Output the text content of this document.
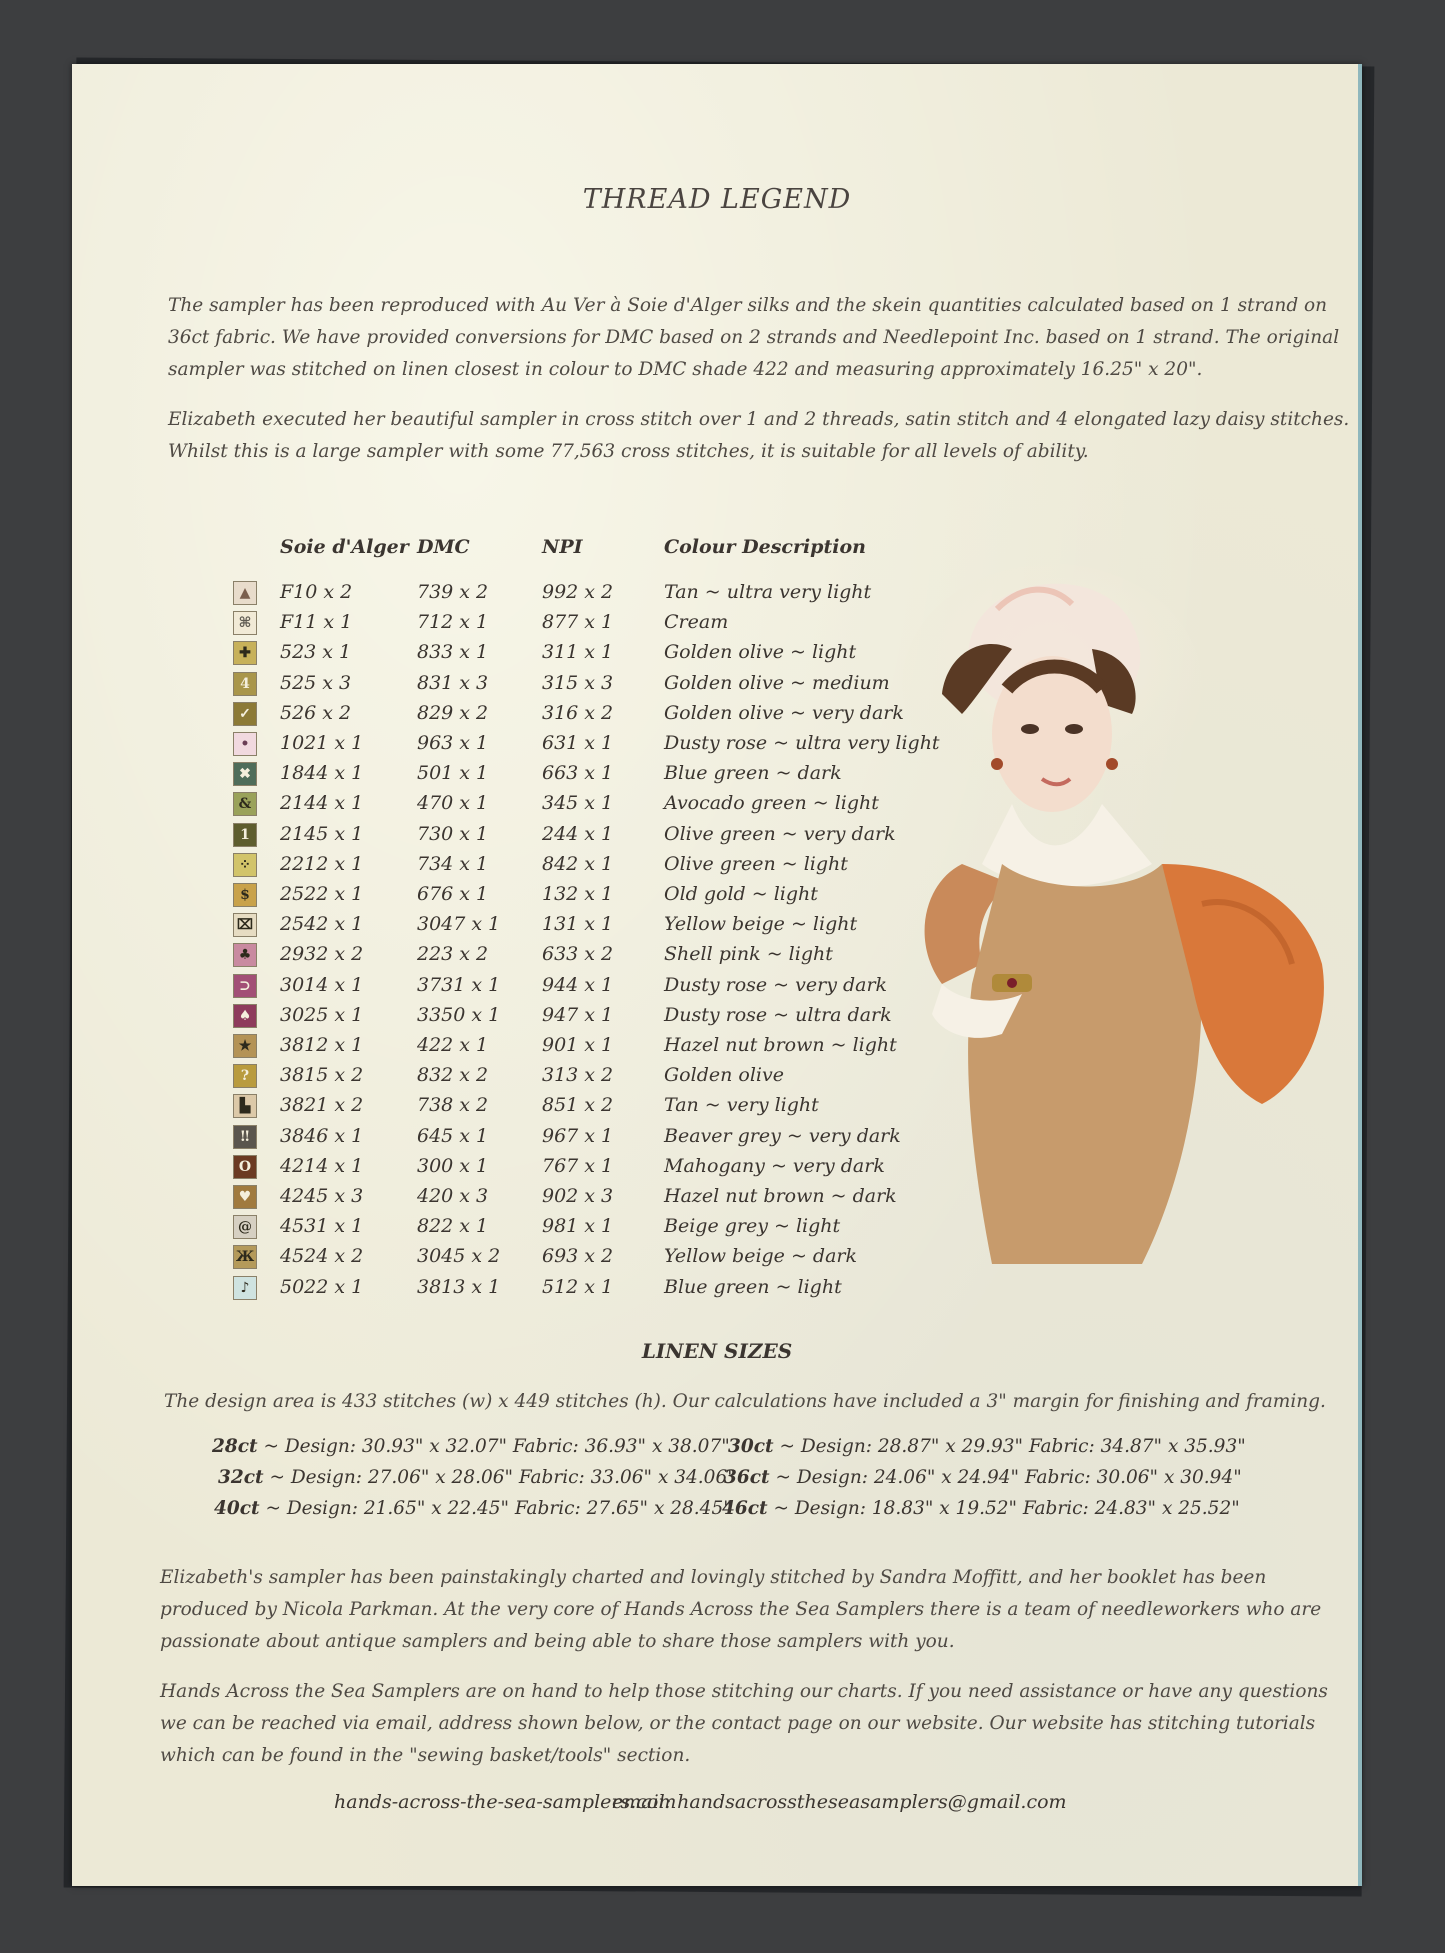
THREAD LEGEND
The sampler has been reproduced with Au Ver à Soie d'Alger silks and the skein quantities calculated based on 1 strand on 36ct fabric. We have provided conversions for DMC based on 2 strands and Needlepoint Inc. based on 1 strand. The original sampler was stitched on linen closest in colour to DMC shade 422 and measuring approximately 16.25" x 20".
Elizabeth executed her beautiful sampler in cross stitch over 1 and 2 threads, satin stitch and 4 elongated lazy daisy stitches. Whilst this is a large sampler with some 77,563 cross stitches, it is suitable for all levels of ability.
Soie d'Alger DMC	NPI	Colour Description
▲	F10 x 2	739 x 2	992 x 2	Tan ~ ultra very light
⌘ F11 x 1	712 x 1	877 x 1	Cream
✚	523 x 1	833 x 1	311 x 1	Golden olive ~ light
4	525 x 3	831 x 3	315 x 3	Golden olive ~ medium
✓	526 x 2	829 x 2	316 x 2	Golden olive ~ very dark
•	1021 x 1	963 x 1	631 x 1	Dusty rose ~ ultra very light
✖	1844 x 1	501 x 1	663 x 1	Blue green ~ dark
& 2144 x 1	470 x 1	345 x 1	Avocado green ~ light
1	2145 x 1	730 x 1	244 x 1	Olive green ~ very dark
⁘	2212 x 1	734 x 1	842 x 1	Olive green ~ light
$	2522 x 1	676 x 1	132 x 1	Old gold ~ light
⌧ 2542 x 1	3047 x 1 131 x 1	Yellow beige ~ light
♣	2932 x 2	223 x 2	633 x 2	Shell pink ~ light
⊃	3014 x 1	3731 x 1 944 x 1	Dusty rose ~ very dark
♠	3025 x 1	3350 x 1 947 x 1	Dusty rose ~ ultra dark
★	3812 x 1	422 x 1	901 x 1	Hazel nut brown ~ light
?	3815 x 2	832 x 2	313 x 2	Golden olive
▙	3821 x 2	738 x 2	851 x 2	Tan ~ very light
‼	3846 x 1	645 x 1	967 x 1	Beaver grey ~ very dark
O	4214 x 1	300 x 1	767 x 1	Mahogany ~ very dark
♥	4245 x 3	420 x 3	902 x 3	Hazel nut brown ~ dark
@ 4531 x 1	822 x 1	981 x 1	Beige grey ~ light
Ж 4524 x 2	3045 x 2 693 x 2	Yellow beige ~ dark
♪	5022 x 1	3813 x 1 512 x 1	Blue green ~ light
LINEN SIZES
The design area is 433 stitches (w) x 449 stitches (h). Our calculations have included a 3" margin for finishing and framing.
28ct ~ Design: 30.93" x 32.07" Fabric: 36.93" x 38.07"
30ct ~ Design: 28.87" x 29.93" Fabric: 34.87" x 35.93"
32ct ~ Design: 27.06" x 28.06" Fabric: 33.06" x 34.06"
36ct ~ Design: 24.06" x 24.94" Fabric: 30.06" x 30.94"
40ct ~ Design: 21.65" x 22.45" Fabric: 27.65" x 28.45"
46ct ~ Design: 18.83" x 19.52" Fabric: 24.83" x 25.52"
Elizabeth's sampler has been painstakingly charted and lovingly stitched by Sandra Moffitt, and her booklet has been produced by Nicola Parkman. At the very core of Hands Across the Sea Samplers there is a team of needleworkers who are passionate about antique samplers and being able to share those samplers with you.
Hands Across the Sea Samplers are on hand to help those stitching our charts. If you need assistance or have any questions we can be reached via email, address shown below, or the contact page on our website. Our website has stitching tutorials which can be found in the "sewing basket/tools" section.
hands-across-the-sea-samplers.com
email: handsacrosstheseasamplers@gmail.com
